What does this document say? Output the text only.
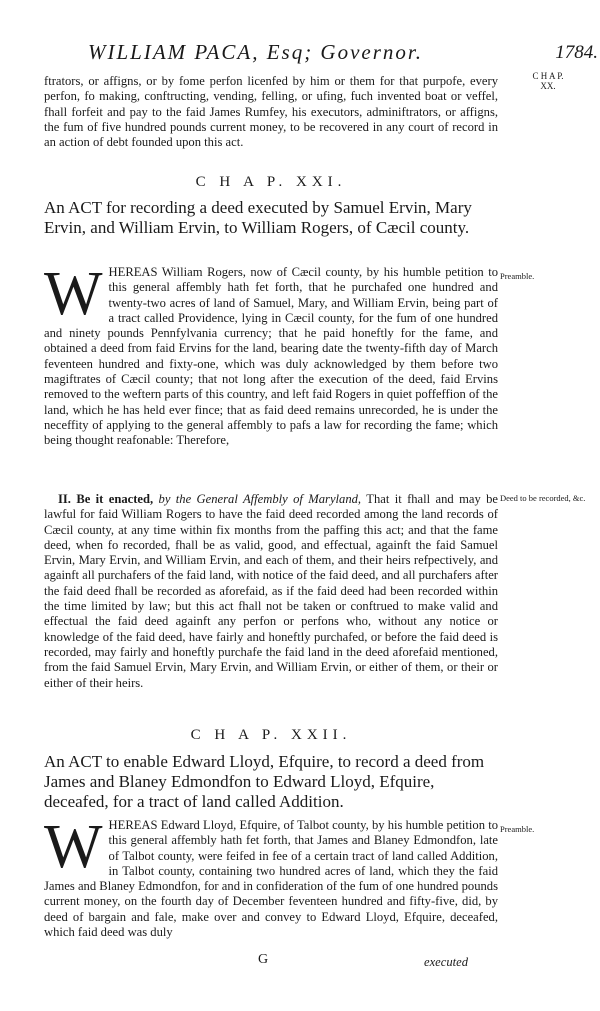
WILLIAM PACA, Esq; Governor.	1784.
C H A P.
XX.

ftrators, or affigns, or by fome perfon licenfed by him or them for that purpofe, every perfon, fo making, conftructing, vending, felling, or ufing, fuch invented boat or veffel, fhall forfeit and pay to the faid James Rumfey, his executors, adminiftrators, or affigns, the fum of five hundred pounds current money, to be recovered in any court of record in an action of debt founded upon this act.

C H A P. XXI.
An ACT for recording a deed executed by Samuel Ervin, Mary Ervin, and William Ervin, to William Rogers, of Cæcil county.
W HEREAS William Rogers, now of Cæcil county, by his humble petition to this general affembly hath fet forth, that he purchafed one hundred and twenty-two acres of land of Samuel, Mary, and William Ervin, being part of a tract called Providence, lying in Cæcil county, for the fum of one hundred and ninety pounds Pennfylvania currency; that he paid honeftly for the fame, and obtained a deed from faid Ervins for the land, bearing date the twenty-fifth day of March feventeen hundred and fixty-one, which was duly acknowledged by them before two magiftrates of Cæcil county; that not long after the execution of the deed, faid Ervins removed to the weftern parts of this country, and left faid Rogers in quiet poffeffion of the land, which he has held ever fince; that as faid deed remains unrecorded, he is under the neceffity of applying to the general affembly to pafs a law for recording the fame; which being thought reafonable: Therefore,
Preamble.
II. Be it enacted, by the General Affembly of Maryland, That it fhall and may be lawful for faid William Rogers to have the faid deed recorded among the land records of Cæcil county, at any time within fix months from the paffing this act; and that the fame deed, when fo recorded, fhall be as valid, good, and effectual, againft the faid Samuel Ervin, Mary Ervin, and William Ervin, and each of them, and their heirs refpectively, and againft all purchafers of the faid land, with notice of the faid deed, and all purchafers after the faid deed fhall be recorded as aforefaid, as if the faid deed had been recorded within the time limited by law; but this act fhall not be taken or conftrued to make valid and effectual the faid deed againft any perfon or perfons who, without any notice or knowledge of the faid deed, have fairly and honeftly purchafed, or before the faid deed is recorded, may fairly and honeftly purchafe the faid land in the deed aforefaid mentioned, from the faid Samuel Ervin, Mary Ervin, and William Ervin, or either of them, or their or either of their heirs.
Deed to be recorded, &c.
C H A P. XXII.
An ACT to enable Edward Lloyd, Efquire, to record a deed from James and Blaney Edmondfon to Edward Lloyd, Efquire, deceafed, for a tract of land called Addition.
W HEREAS Edward Lloyd, Efquire, of Talbot county, by his humble petition to this general affembly hath fet forth, that James and Blaney Edmondfon, late of Talbot county, were feifed in fee of a certain tract of land called Addition, in Talbot county, containing two hundred acres of land, which they the faid James and Blaney Edmondfon, for and in confideration of the fum of one hundred pounds current money, on the fourth day of December feventeen hundred and fifty-five, did, by deed of bargain and fale, make over and convey to Edward Lloyd, Efquire, deceafed, which faid deed was duly
Preamble.
G	executed
